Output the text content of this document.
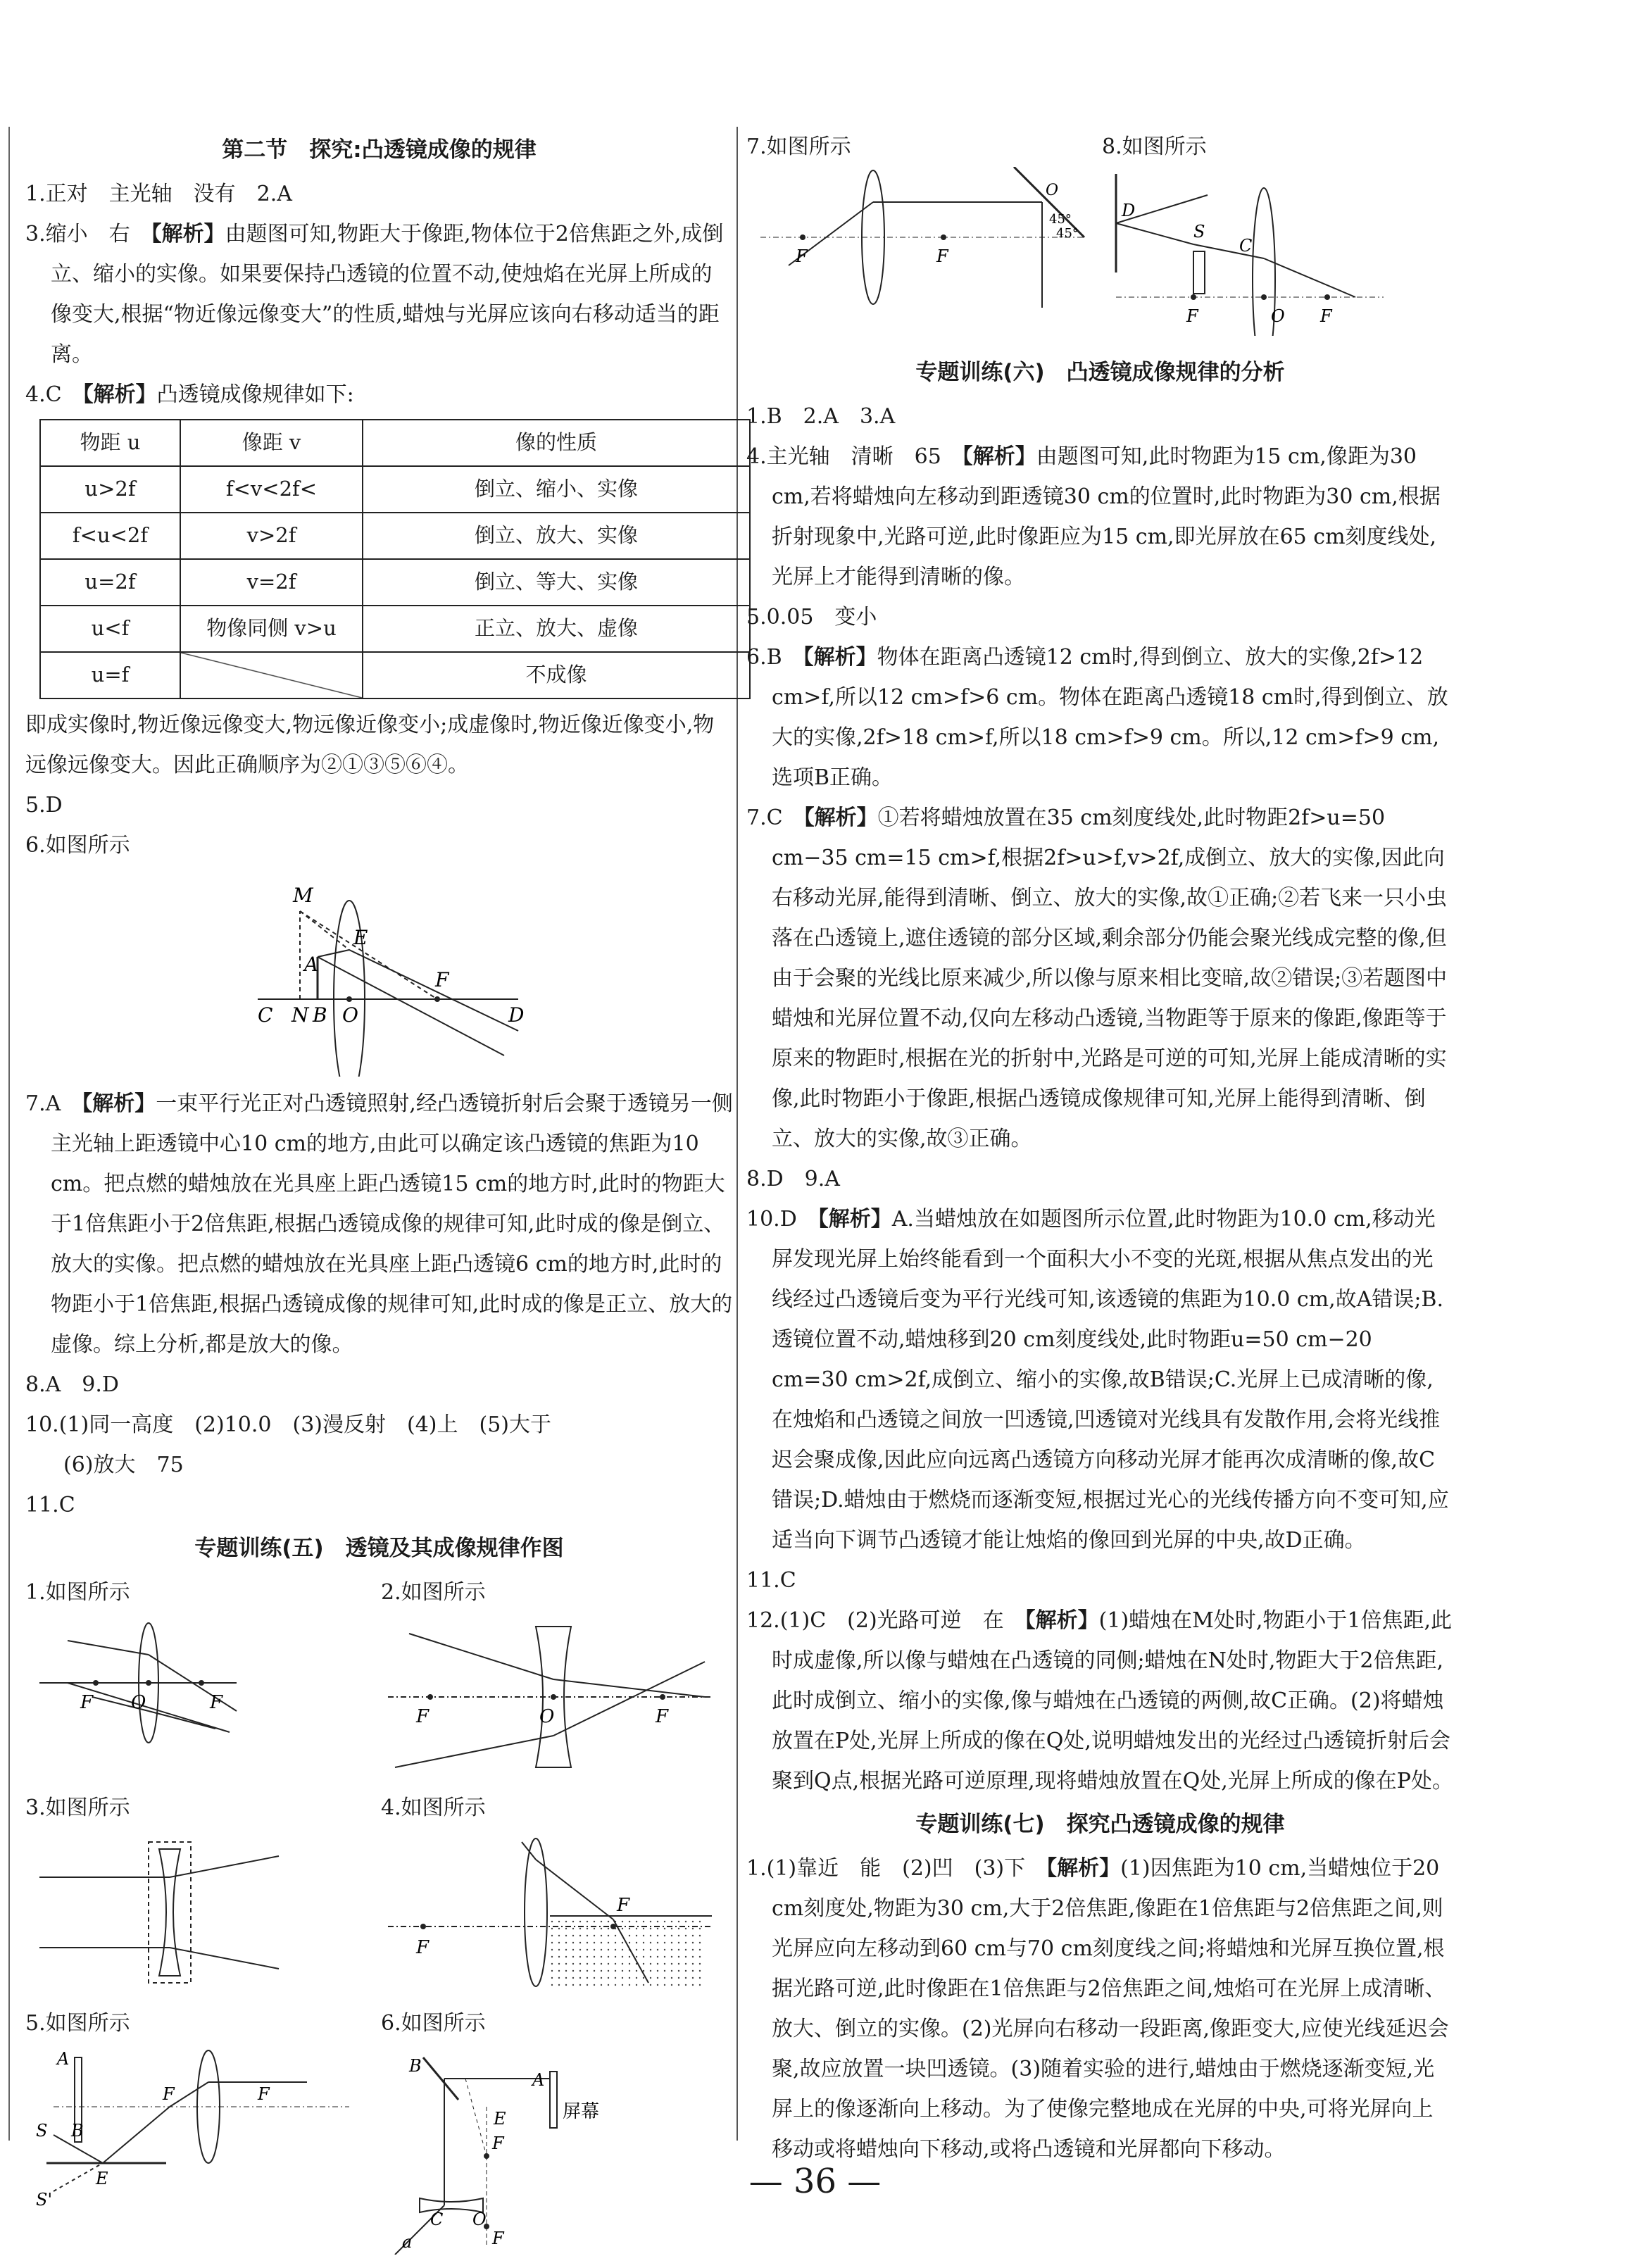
第二节　探究:凸透镜成像的规律

1.正对　主光轴　没有　2.A

3.缩小　右　【解析】由题图可知,物距大于像距,物体位于2倍焦距之外,成倒立、缩小的实像。如果要保持凸透镜的位置不动,使烛焰在光屏上所成的像变大,根据“物近像远像变大”的性质,蜡烛与光屏应该向右移动适当的距离。

4.C　【解析】凸透镜成像规律如下:

物距 u	像距 v	像的性质
u>2f	f<v<2f<	倒立、缩小、实像
f<u<2f	v>2f	倒立、放大、实像
u=2f	v=2f	倒立、等大、实像
u<f	物像同侧 v>u	正立、放大、虚像
u=f		不成像

即成实像时,物近像远像变大,物远像近像变小;成虚像时,物近像近像变小,物远像远像变大。因此正确顺序为②①③⑤⑥④。

5.D

6.如图所示

M
A
E
F
C N B O	D

7.A　【解析】一束平行光正对凸透镜照射,经凸透镜折射后会聚于透镜另一侧主光轴上距透镜中心10 cm的地方,由此可以确定该凸透镜的焦距为10 cm。把点燃的蜡烛放在光具座上距凸透镜15 cm的地方时,此时的物距大于1倍焦距小于2倍焦距,根据凸透镜成像的规律可知,此时成的像是倒立、放大的实像。把点燃的蜡烛放在光具座上距凸透镜6 cm的地方时,此时的物距小于1倍焦距,根据凸透镜成像的规律可知,此时成的像是正立、放大的虚像。综上分析,都是放大的像。

8.A　9.D

10.(1)同一高度　(2)10.0　(3)漫反射　(4)上　(5)大于

(6)放大　75

11.C

专题训练(五)　透镜及其成像规律作图
1.如图所示
F O	F
2.如图所示
F	O	F
3.如图所示	4.如图所示
F
F
5.如图所示
A
S B
E
S'
F	F
6.如图所示
B
A
E
F
C O
a
屏幕
F
7.如图所示
F	F
O
45°
45°
8.如图所示
D
S
C
F	O F
专题训练(六)　凸透镜成像规律的分析

1.B　2.A　3.A

4.主光轴　清晰　65　【解析】由题图可知,此时物距为15 cm,像距为30 cm,若将蜡烛向左移动到距透镜30 cm的位置时,此时物距为30 cm,根据折射现象中,光路可逆,此时像距应为15 cm,即光屏放在65 cm刻度线处,光屏上才能得到清晰的像。

5.0.05　变小

6.B　【解析】物体在距离凸透镜12 cm时,得到倒立、放大的实像,2f>12 cm>f,所以12 cm>f>6 cm。物体在距离凸透镜18 cm时,得到倒立、放大的实像,2f>18 cm>f,所以18 cm>f>9 cm。所以,12 cm>f>9 cm,选项B正确。

7.C　【解析】①若将蜡烛放置在35 cm刻度线处,此时物距2f>u=50 cm−35 cm=15 cm>f,根据2f>u>f,v>2f,成倒立、放大的实像,因此向右移动光屏,能得到清晰、倒立、放大的实像,故①正确;②若飞来一只小虫落在凸透镜上,遮住透镜的部分区域,剩余部分仍能会聚光线成完整的像,但由于会聚的光线比原来减少,所以像与原来相比变暗,故②错误;③若题图中蜡烛和光屏位置不动,仅向左移动凸透镜,当物距等于原来的像距,像距等于原来的物距时,根据在光的折射中,光路是可逆的可知,光屏上能成清晰的实像,此时物距小于像距,根据凸透镜成像规律可知,光屏上能得到清晰、倒立、放大的实像,故③正确。

8.D　9.A

10.D　【解析】A.当蜡烛放在如题图所示位置,此时物距为10.0 cm,移动光屏发现光屏上始终能看到一个面积大小不变的光斑,根据从焦点发出的光线经过凸透镜后变为平行光线可知,该透镜的焦距为10.0 cm,故A错误;B.透镜位置不动,蜡烛移到20 cm刻度线处,此时物距u=50 cm−20 cm=30 cm>2f,成倒立、缩小的实像,故B错误;C.光屏上已成清晰的像,在烛焰和凸透镜之间放一凹透镜,凹透镜对光线具有发散作用,会将光线推迟会聚成像,因此应向远离凸透镜方向移动光屏才能再次成清晰的像,故C错误;D.蜡烛由于燃烧而逐渐变短,根据过光心的光线传播方向不变可知,应适当向下调节凸透镜才能让烛焰的像回到光屏的中央,故D正确。

11.C

12.(1)C　(2)光路可逆　在　【解析】(1)蜡烛在M处时,物距小于1倍焦距,此时成虚像,所以像与蜡烛在凸透镜的同侧;蜡烛在N处时,物距大于2倍焦距,此时成倒立、缩小的实像,像与蜡烛在凸透镜的两侧,故C正确。(2)将蜡烛放置在P处,光屏上所成的像在Q处,说明蜡烛发出的光经过凸透镜折射后会聚到Q点,根据光路可逆原理,现将蜡烛放置在Q处,光屏上所成的像在P处。

专题训练(七)　探究凸透镜成像的规律

1.(1)靠近　能　(2)凹　(3)下　【解析】(1)因焦距为10 cm,当蜡烛位于20 cm刻度处,物距为30 cm,大于2倍焦距,像距在1倍焦距与2倍焦距之间,则光屏应向左移动到60 cm与70 cm刻度线之间;将蜡烛和光屏互换位置,根据光路可逆,此时像距在1倍焦距与2倍焦距之间,烛焰可在光屏上成清晰、放大、倒立的实像。(2)光屏向右移动一段距离,像距变大,应使光线延迟会聚,故应放置一块凹透镜。(3)随着实验的进行,蜡烛由于燃烧逐渐变短,光屏上的像逐渐向上移动。为了使像完整地成在光屏的中央,可将光屏向上移动或将蜡烛向下移动,或将凸透镜和光屏都向下移动。

— 36 —
